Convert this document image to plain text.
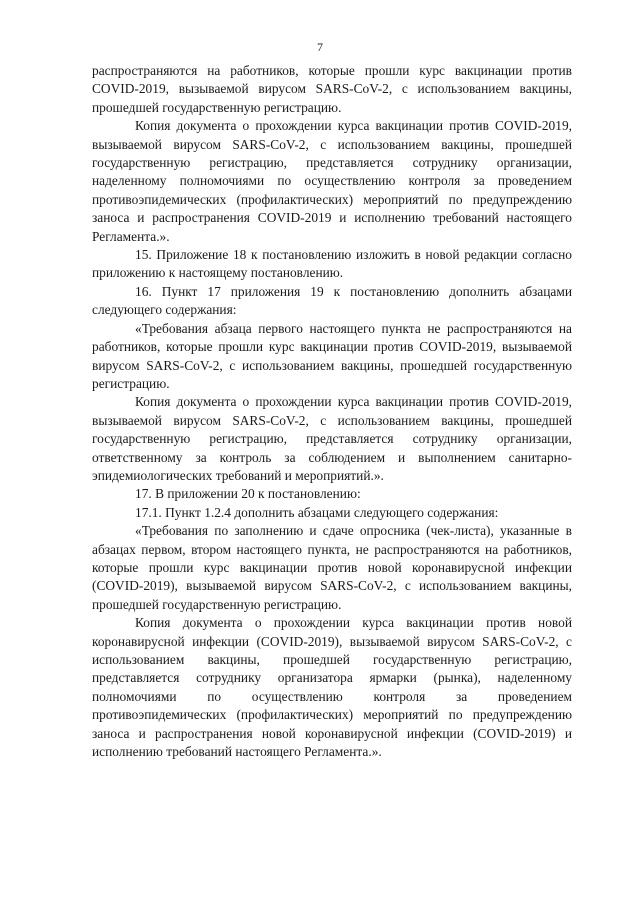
7

распространяются на работников, которые прошли курс вакцинации против COVID-2019, вызываемой вирусом SARS-CoV-2, с использованием вакцины, прошедшей государственную регистрацию.

Копия документа о прохождении курса вакцинации против COVID-2019, вызываемой вирусом SARS-CoV-2, с использованием вакцины, прошедшей государственную регистрацию, представляется сотруднику организации, наделенному полномочиями по осуществлению контроля за проведением противоэпидемических (профилактических) мероприятий по предупреждению заноса и распространения COVID-2019 и исполнению требований настоящего Регламента.».

15. Приложение 18 к постановлению изложить в новой редакции согласно приложению к настоящему постановлению.

16. Пункт 17 приложения 19 к постановлению дополнить абзацами следующего содержания:

«Требования абзаца первого настоящего пункта не распространяются на работников, которые прошли курс вакцинации против COVID-2019, вызываемой вирусом SARS-CoV-2, с использованием вакцины, прошедшей государственную регистрацию.

Копия документа о прохождении курса вакцинации против COVID-2019, вызываемой вирусом SARS-CoV-2, с использованием вакцины, прошедшей государственную регистрацию, представляется сотруднику организации, ответственному за контроль за соблюдением и выполнением санитарно-эпидемиологических требований и мероприятий.».

17. В приложении 20 к постановлению:

17.1. Пункт 1.2.4 дополнить абзацами следующего содержания:

«Требования по заполнению и сдаче опросника (чек-листа), указанные в абзацах первом, втором настоящего пункта, не распространяются на работников, которые прошли курс вакцинации против новой коронавирусной инфекции (COVID-2019), вызываемой вирусом SARS-CoV-2, с использованием вакцины, прошедшей государственную регистрацию.

Копия документа о прохождении курса вакцинации против новой коронавирусной инфекции (COVID-2019), вызываемой вирусом SARS-CoV-2, с использованием вакцины, прошедшей государственную регистрацию, представляется сотруднику организатора ярмарки (рынка), наделенному полномочиями по осуществлению контроля за проведением противоэпидемических (профилактических) мероприятий по предупреждению заноса и распространения новой коронавирусной инфекции (COVID-2019) и исполнению требований настоящего Регламента.».
